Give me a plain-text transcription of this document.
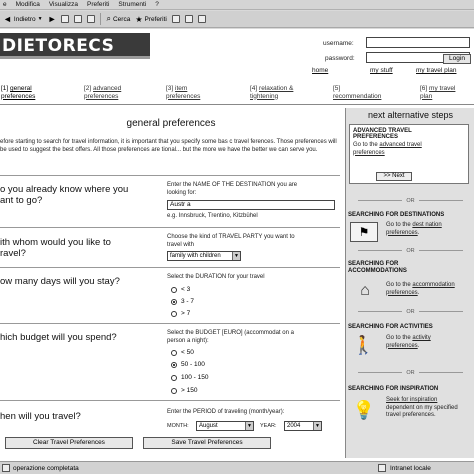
e Modifica Visualizza Preferiti Strumenti ?
◄ Indietro ▼ ►	⌕ Cerca ★ Preferiti
DIETORECS	username:
password:	Login
home	my stuff	my travel plan
[1] general
preferences
[2] advanced
preferences
[3] item
preferences
[4] relaxation &
tightening
[5]
recommendation
[6] my travel
plan
general preferences
efore starting to search for travel information, it is important that you specify some bas c travel ferences. Those preferences will be used to suggest the best offers. All those preferences are tional... but the more we have the better we can serve you.
o you already know where you
ant to go?
Enter the NAME OF THE DESTINATION you are
looking for:
Austr a
e.g. Innsbruck, Trentino, Kitzbühel
ith whom would you like to
ravel?
Choose the kind of TRAVEL PARTY you want to
travel with
family with children	▼
ow many days will you stay?	Select the DURATION for your travel
< 3
3 - 7
> 7
hich budget will you spend?	Select the BUDGET [EURO] (accommodat on a
person a night):
< 50
50 - 100
100 - 150
> 150
hen will you travel?	Enter the PERIOD of traveling (month/year):
MONTH:	August	▼ YEAR:	2004	▼
Clear Travel Preferences	Save Travel Preferences
next alternative steps
ADVANCED TRAVEL
PREFERENCES
Go to the advanced travel
preferences
>> Next
OR
SEARCHING FOR DESTINATIONS
⚑	Go to the dest nation
preferences.
OR
SEARCHING FOR
ACCOMMODATIONS
⌂	Go to the accommodation
preferences.
OR
SEARCHING FOR ACTIVITIES
🚶 Go to the activity
preferences.
OR
SEARCHING FOR INSPIRATION
💡 Seek for inspiration
dependent on my specified travel preferences.
operazione completata	Intranet locale
